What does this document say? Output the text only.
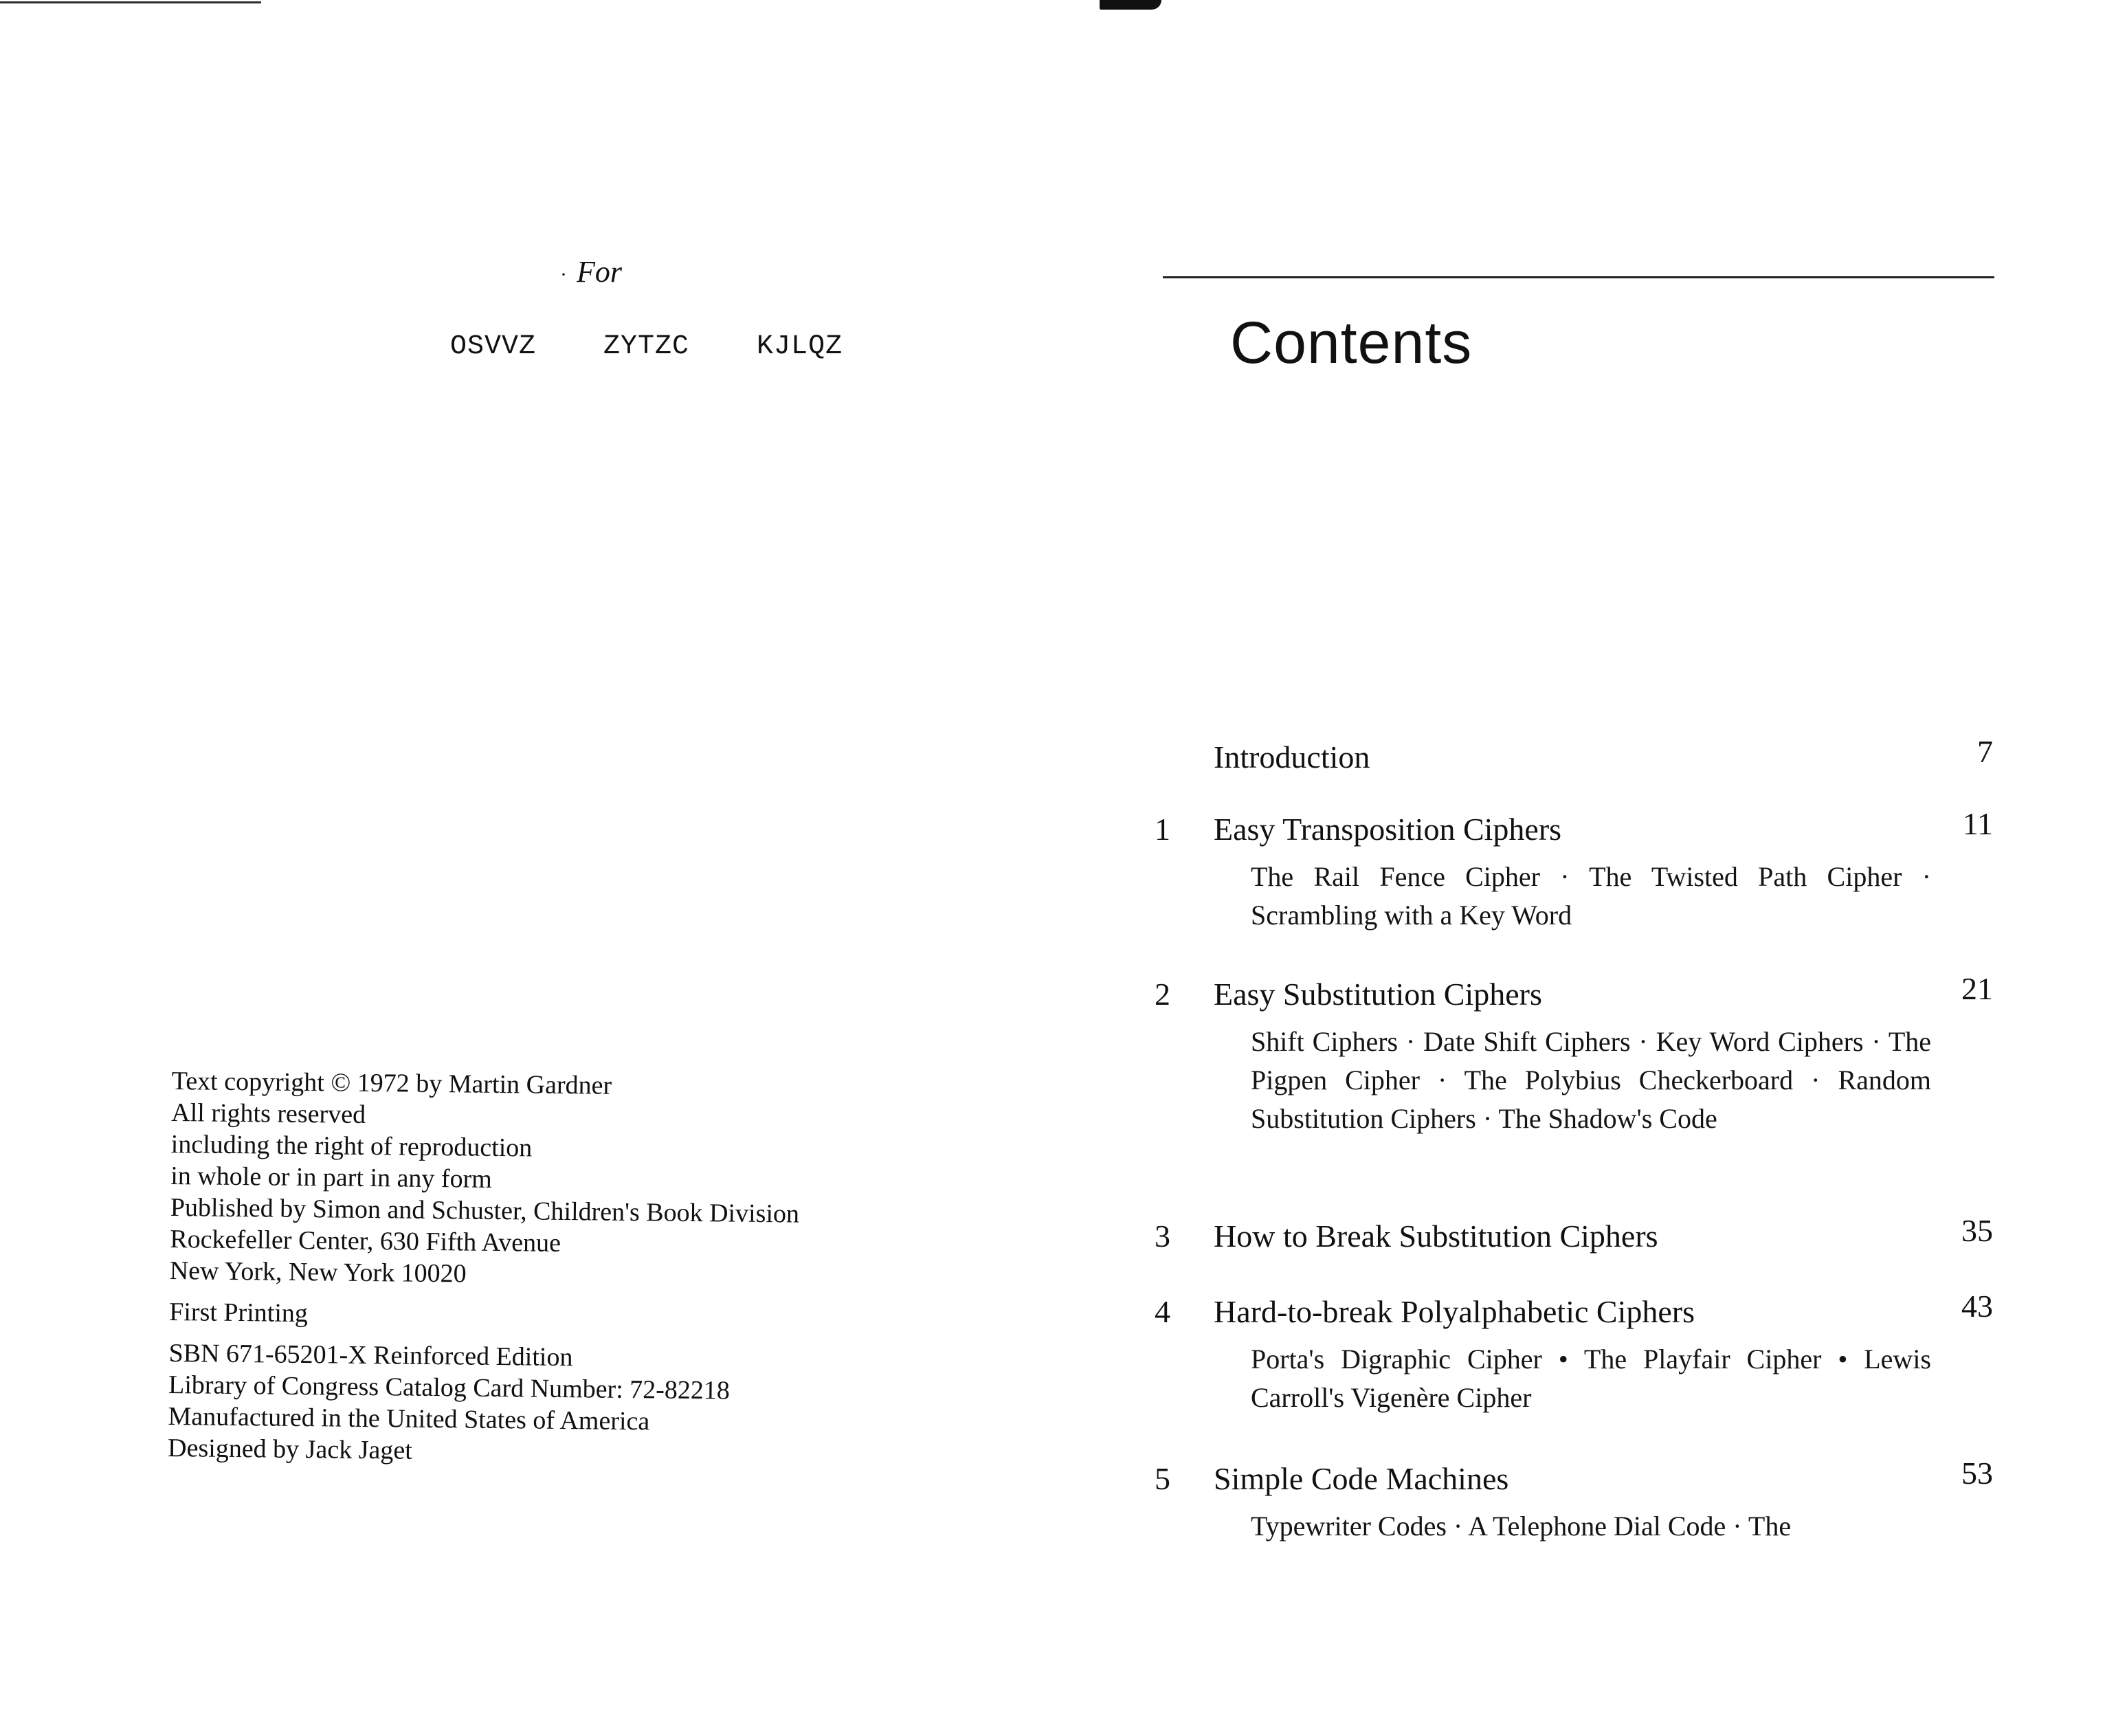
· For
OSVVZ  ZYTZC  KJLQZ
Text copyright © 1972 by Martin Gardner
All rights reserved
including the right of reproduction
in whole or in part in any form
Published by Simon and Schuster, Children's Book Division
Rockefeller Center, 630 Fifth Avenue
New York, New York 10020
First Printing
SBN 671-65201-X Reinforced Edition
Library of Congress Catalog Card Number: 72-82218
Manufactured in the United States of America
Designed by Jack Jaget
Contents
Introduction	7
1	Easy Transposition Ciphers	11
The Rail Fence Cipher · The Twisted Path Cipher · Scrambling with a Key Word
2	Easy Substitution Ciphers	21
Shift Ciphers · Date Shift Ciphers · Key Word Ciphers · The Pigpen Cipher · The Polybius Checkerboard · Random Substitution Ciphers · The Shadow's Code
3	How to Break Substitution Ciphers	35
4	Hard-to-break Polyalphabetic Ciphers	43
Porta's Digraphic Cipher • The Playfair Cipher • Lewis Carroll's Vigenère Cipher
5	Simple Code Machines	53
Typewriter Codes · A Telephone Dial Code · The
